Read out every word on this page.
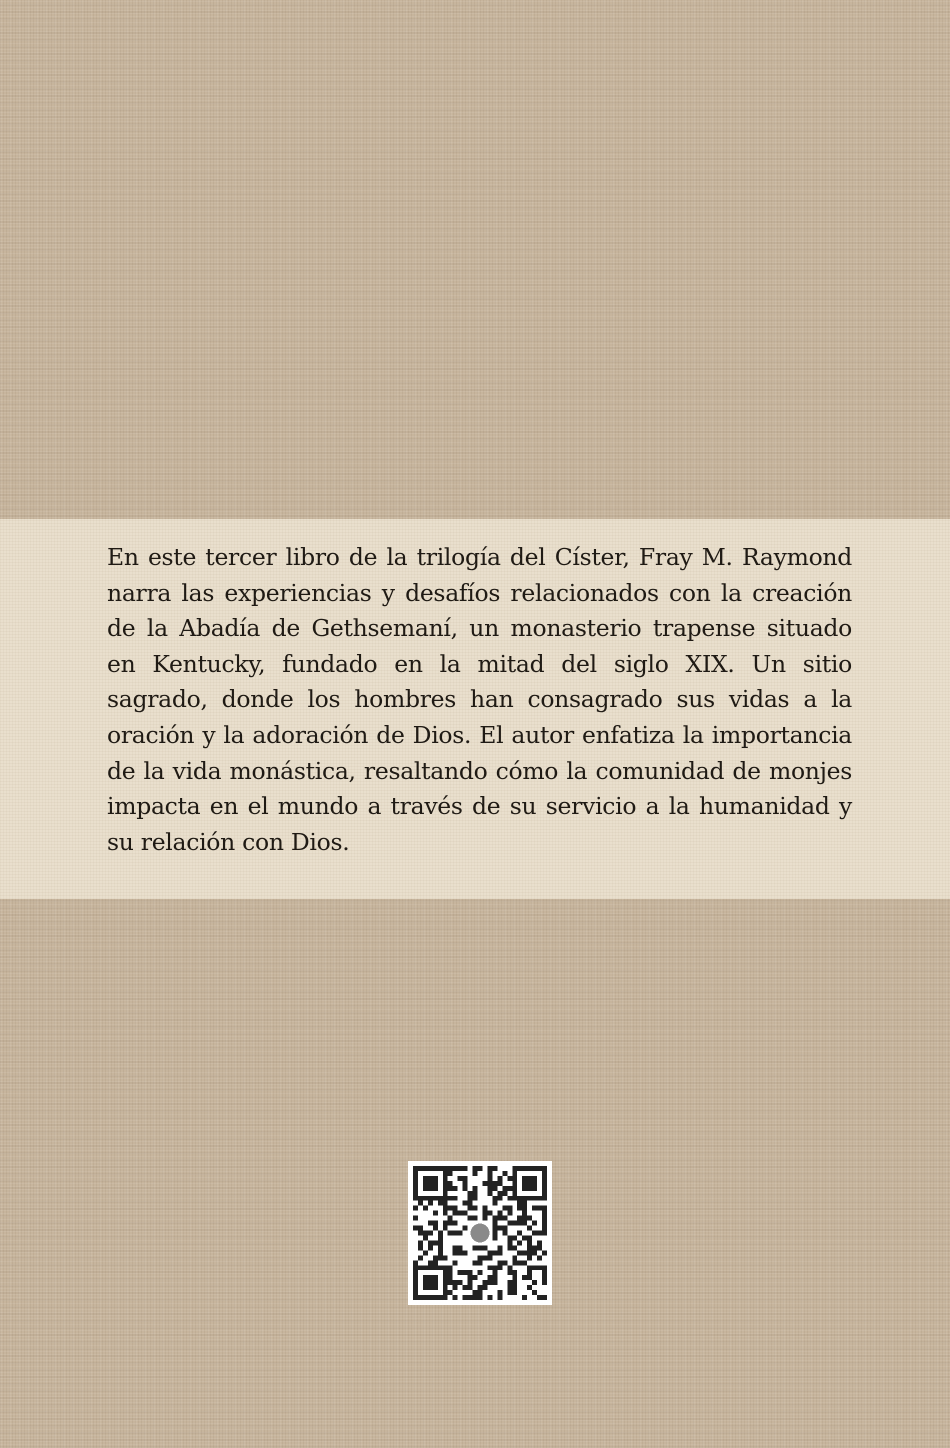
En este tercer libro de la trilogía del Císter, Fray M. Raymond narra las experiencias y desafíos relacionados con la creación de la Abadía de Gethsemaní, un monasterio trapense situado en Kentucky, fundado en la mitad del siglo XIX. Un sitio sagrado, donde los hombres han consagrado sus vidas a la oración y la adoración de Dios. El autor enfatiza la importancia de la vida monástica, resaltando cómo la comunidad de monjes impacta en el mundo a través de su servicio a la humanidad y su relación con Dios.
